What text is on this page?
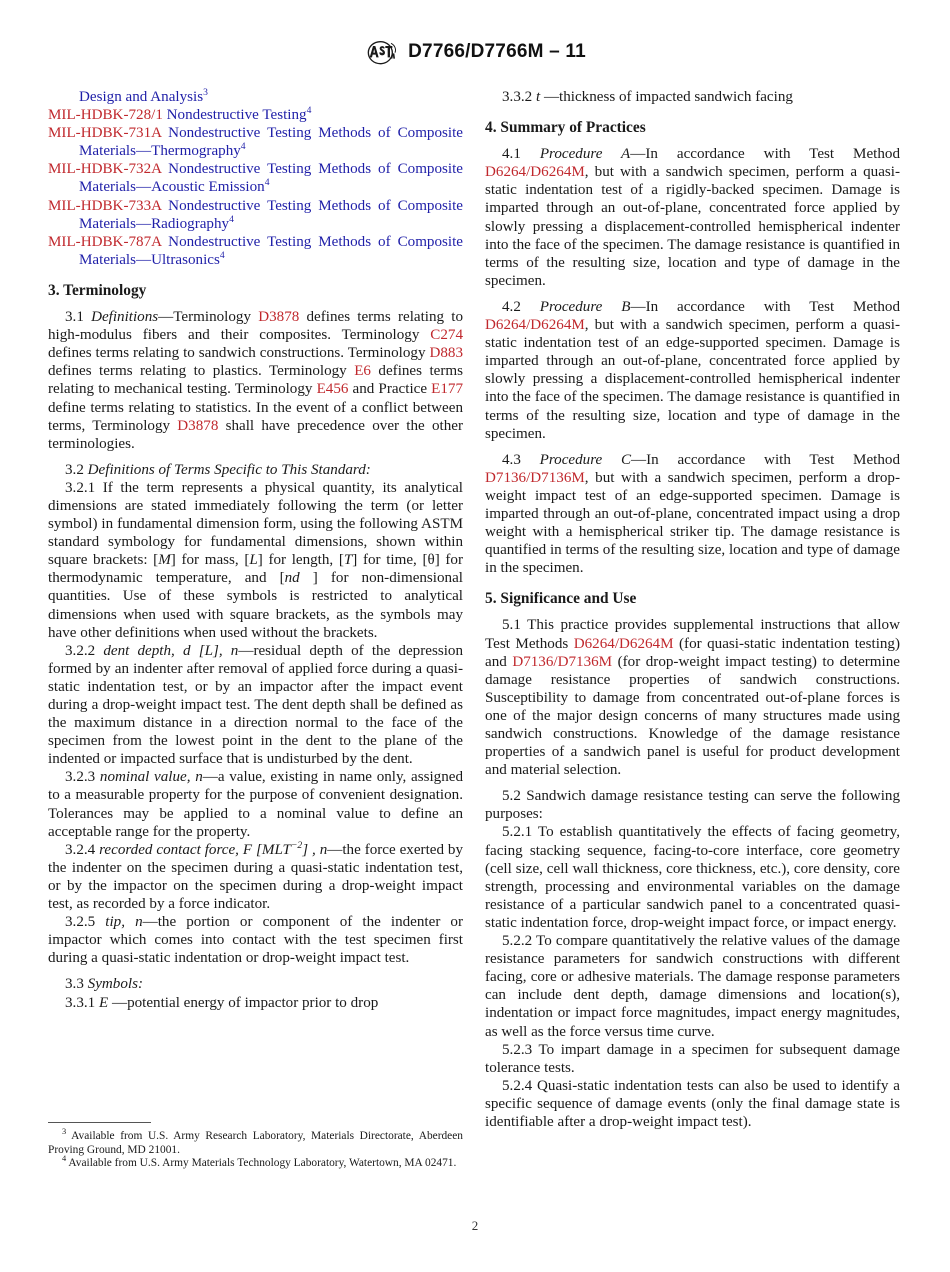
D7766/D7766M – 11

Design and Analysis$^3$

MIL-HDBK-728/1 Nondestructive Testing$^4$

MIL-HDBK-731A Nondestructive Testing Methods of Composite Materials—Thermography$^4$

MIL-HDBK-732A Nondestructive Testing Methods of Composite Materials—Acoustic Emission$^4$

MIL-HDBK-733A Nondestructive Testing Methods of Composite Materials—Radiography$^4$

MIL-HDBK-787A Nondestructive Testing Methods of Composite Materials—Ultrasonics$^4$

3. Terminology

3.1 Definitions—Terminology D3878 defines terms relating to high-modulus fibers and their composites. Terminology C274 defines terms relating to sandwich constructions. Terminology D883 defines terms relating to plastics. Terminology E6 defines terms relating to mechanical testing. Terminology E456 and Practice E177 define terms relating to statistics. In the event of a conflict between terms, Terminology D3878 shall have precedence over the other terminologies.

3.2 Definitions of Terms Specific to This Standard:

3.2.1 If the term represents a physical quantity, its analytical dimensions are stated immediately following the term (or letter symbol) in fundamental dimension form, using the following ASTM standard symbology for fundamental dimensions, shown within square brackets: [M] for mass, [L] for length, [T] for time, [θ] for thermodynamic temperature, and [nd ] for non-dimensional quantities. Use of these symbols is restricted to analytical dimensions when used with square brackets, as the symbols may have other definitions when used without the brackets.

3.2.2 dent depth, d [L], n—residual depth of the depression formed by an indenter after removal of applied force during a quasi-static indentation test, or by an impactor after the impact event during a drop-weight impact test. The dent depth shall be defined as the maximum distance in a direction normal to the face of the specimen from the lowest point in the dent to the plane of the indented or impacted surface that is undisturbed by the dent.

3.2.3 nominal value, n—a value, existing in name only, assigned to a measurable property for the purpose of convenient designation. Tolerances may be applied to a nominal value to define an acceptable range for the property.

3.2.4 recorded contact force, F $[MLT^{-2}]$ , n—the force exerted by the indenter on the specimen during a quasi-static indentation test, or by the impactor on the specimen during a drop-weight impact test, as recorded by a force indicator.

3.2.5 tip, n—the portion or component of the indenter or impactor which comes into contact with the test specimen first during a quasi-static indentation or drop-weight impact test.

3.3 Symbols:

3.3.1 E —potential energy of impactor prior to drop

3.3.2 t —thickness of impacted sandwich facing

4. Summary of Practices

4.1 Procedure A—In accordance with Test Method D6264/D6264M, but with a sandwich specimen, perform a quasi-static indentation test of a rigidly-backed specimen. Damage is imparted through an out-of-plane, concentrated force applied by slowly pressing a displacement-controlled hemispherical indenter into the face of the specimen. The damage resistance is quantified in terms of the resulting size, location and type of damage in the specimen.

4.2 Procedure B—In accordance with Test Method D6264/D6264M, but with a sandwich specimen, perform a quasi-static indentation test of an edge-supported specimen. Damage is imparted through an out-of-plane, concentrated force applied by slowly pressing a displacement-controlled hemispherical indenter into the face of the specimen. The damage resistance is quantified in terms of the resulting size, location and type of damage in the specimen.

4.3 Procedure C—In accordance with Test Method D7136/D7136M, but with a sandwich specimen, perform a drop-weight impact test of an edge-supported specimen. Damage is imparted through an out-of-plane, concentrated impact using a drop weight with a hemispherical striker tip. The damage resistance is quantified in terms of the resulting size, location and type of damage in the specimen.

5. Significance and Use

5.1 This practice provides supplemental instructions that allow Test Methods D6264/D6264M (for quasi-static indentation testing) and D7136/D7136M (for drop-weight impact testing) to determine damage resistance properties of sandwich constructions. Susceptibility to damage from concentrated out-of-plane forces is one of the major design concerns of many structures made using sandwich constructions. Knowledge of the damage resistance properties of a sandwich panel is useful for product development and material selection.

5.2 Sandwich damage resistance testing can serve the following purposes:

5.2.1 To establish quantitatively the effects of facing geometry, facing stacking sequence, facing-to-core interface, core geometry (cell size, cell wall thickness, core thickness, etc.), core density, core strength, processing and environmental variables on the damage resistance of a particular sandwich panel to a concentrated quasi-static indentation force, drop-weight impact force, or impact energy.

5.2.2 To compare quantitatively the relative values of the damage resistance parameters for sandwich constructions with different facing, core or adhesive materials. The damage response parameters can include dent depth, damage dimensions and location(s), indentation or impact force magnitudes, impact energy magnitudes, as well as the force versus time curve.

5.2.3 To impart damage in a specimen for subsequent damage tolerance tests.

5.2.4 Quasi-static indentation tests can also be used to identify a specific sequence of damage events (only the final damage state is identifiable after a drop-weight impact test).

$^3$ Available from U.S. Army Research Laboratory, Materials Directorate, Aberdeen Proving Ground, MD 21001.

$^4$ Available from U.S. Army Materials Technology Laboratory, Watertown, MA 02471.

2
